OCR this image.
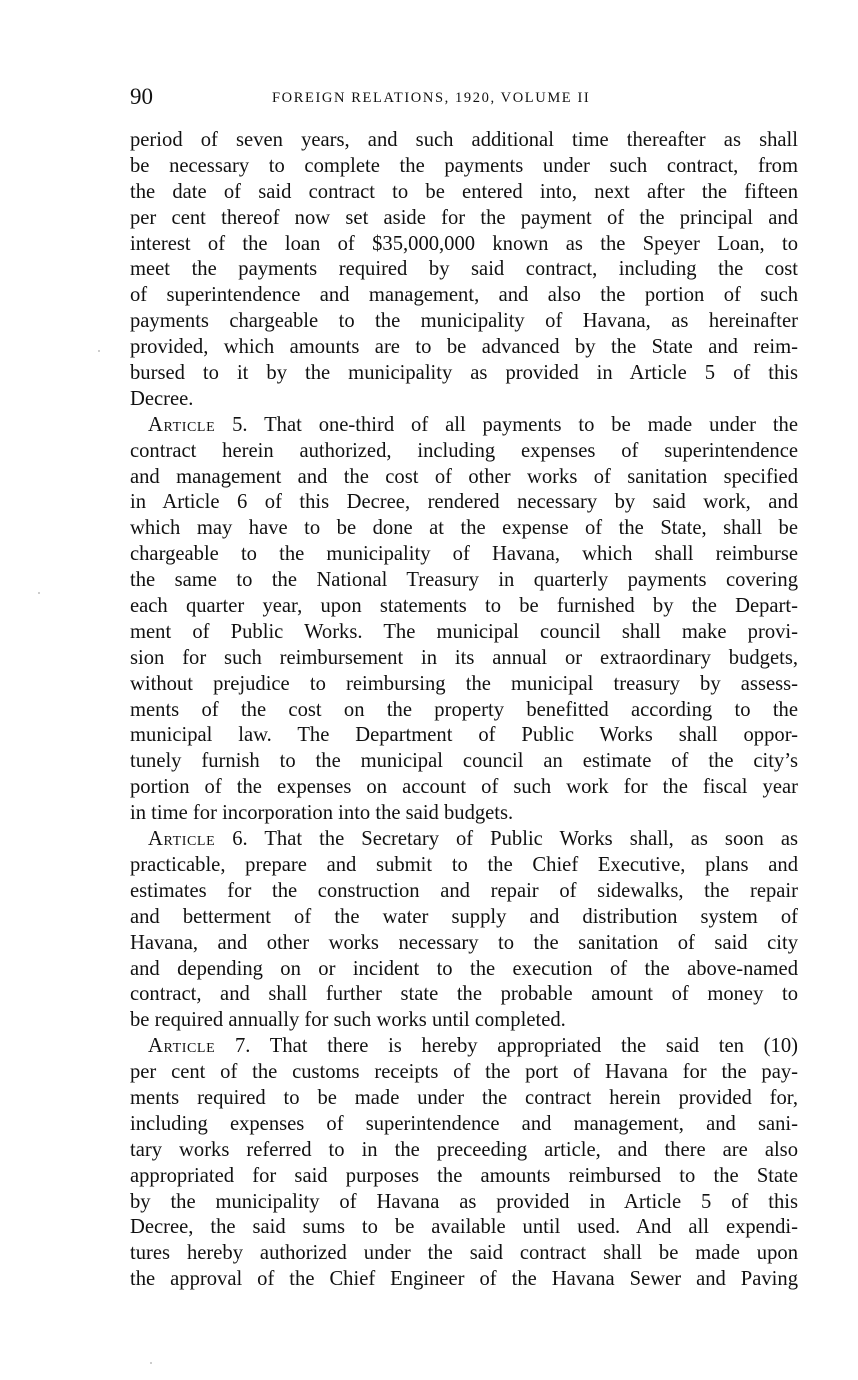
90	FOREIGN RELATIONS, 1920, VOLUME II
period of seven years, and such additional time thereafter as shall
be necessary to complete the payments under such contract, from
the date of said contract to be entered into, next after the fifteen
per cent thereof now set aside for the payment of the principal and
interest of the loan of $35,000,000 known as the Speyer Loan, to
meet the payments required by said contract, including the cost
of superintendence and management, and also the portion of such
payments chargeable to the municipality of Havana, as hereinafter
provided, which amounts are to be advanced by the State and reim-
bursed to it by the municipality as provided in Article 5 of this
Decree.
Article 5. That one-third of all payments to be made under the
contract herein authorized, including expenses of superintendence
and management and the cost of other works of sanitation specified
in Article 6 of this Decree, rendered necessary by said work, and
which may have to be done at the expense of the State, shall be
chargeable to the municipality of Havana, which shall reimburse
the same to the National Treasury in quarterly payments covering
each quarter year, upon statements to be furnished by the Depart-
ment of Public Works. The municipal council shall make provi-
sion for such reimbursement in its annual or extraordinary budgets,
without prejudice to reimbursing the municipal treasury by assess-
ments of the cost on the property benefitted according to the
municipal law. The Department of Public Works shall oppor-
tunely furnish to the municipal council an estimate of the city’s
portion of the expenses on account of such work for the fiscal year
in time for incorporation into the said budgets.
Article 6. That the Secretary of Public Works shall, as soon as
practicable, prepare and submit to the Chief Executive, plans and
estimates for the construction and repair of sidewalks, the repair
and betterment of the water supply and distribution system of
Havana, and other works necessary to the sanitation of said city
and depending on or incident to the execution of the above-named
contract, and shall further state the probable amount of money to
be required annually for such works until completed.
Article 7. That there is hereby appropriated the said ten (10)
per cent of the customs receipts of the port of Havana for the pay-
ments required to be made under the contract herein provided for,
including expenses of superintendence and management, and sani-
tary works referred to in the preceeding article, and there are also
appropriated for said purposes the amounts reimbursed to the State
by the municipality of Havana as provided in Article 5 of this
Decree, the said sums to be available until used. And all expendi-
tures hereby authorized under the said contract shall be made upon
the approval of the Chief Engineer of the Havana Sewer and Paving
